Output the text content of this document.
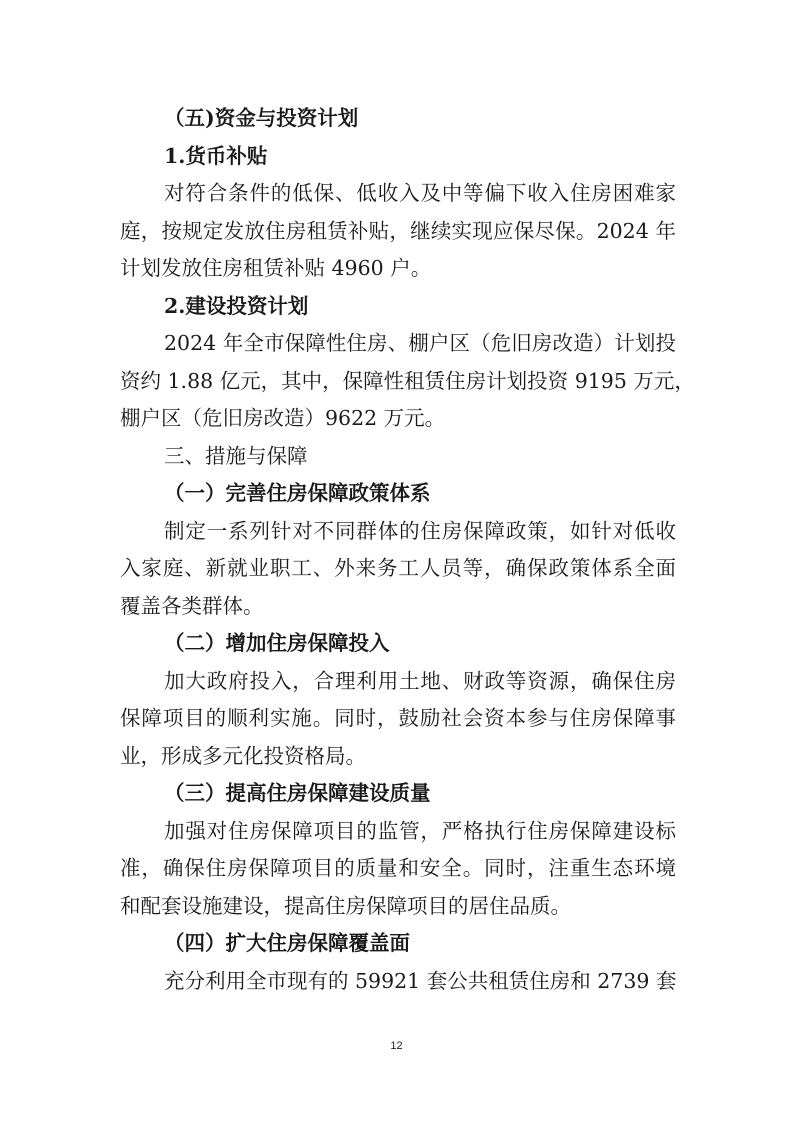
（五)资金与投资计划
1.货币补贴
对符合条件的低保、低收入及中等偏下收入住房困难家
庭，按规定发放住房租赁补贴，继续实现应保尽保。2024 年
计划发放住房租赁补贴 4960 户。
2.建设投资计划
2024 年全市保障性住房、棚户区（危旧房改造）计划投
资约 1.88 亿元，其中，保障性租赁住房计划投资 9195 万元，
棚户区（危旧房改造）9622 万元。
三、措施与保障
（一）完善住房保障政策体系
制定一系列针对不同群体的住房保障政策，如针对低收
入家庭、新就业职工、外来务工人员等，确保政策体系全面
覆盖各类群体。
（二）增加住房保障投入
加大政府投入，合理利用土地、财政等资源，确保住房
保障项目的顺利实施。同时，鼓励社会资本参与住房保障事
业，形成多元化投资格局。
（三）提高住房保障建设质量
加强对住房保障项目的监管，严格执行住房保障建设标
准，确保住房保障项目的质量和安全。同时，注重生态环境
和配套设施建设，提高住房保障项目的居住品质。
（四）扩大住房保障覆盖面
充分利用全市现有的 59921 套公共租赁住房和 2739 套
12
